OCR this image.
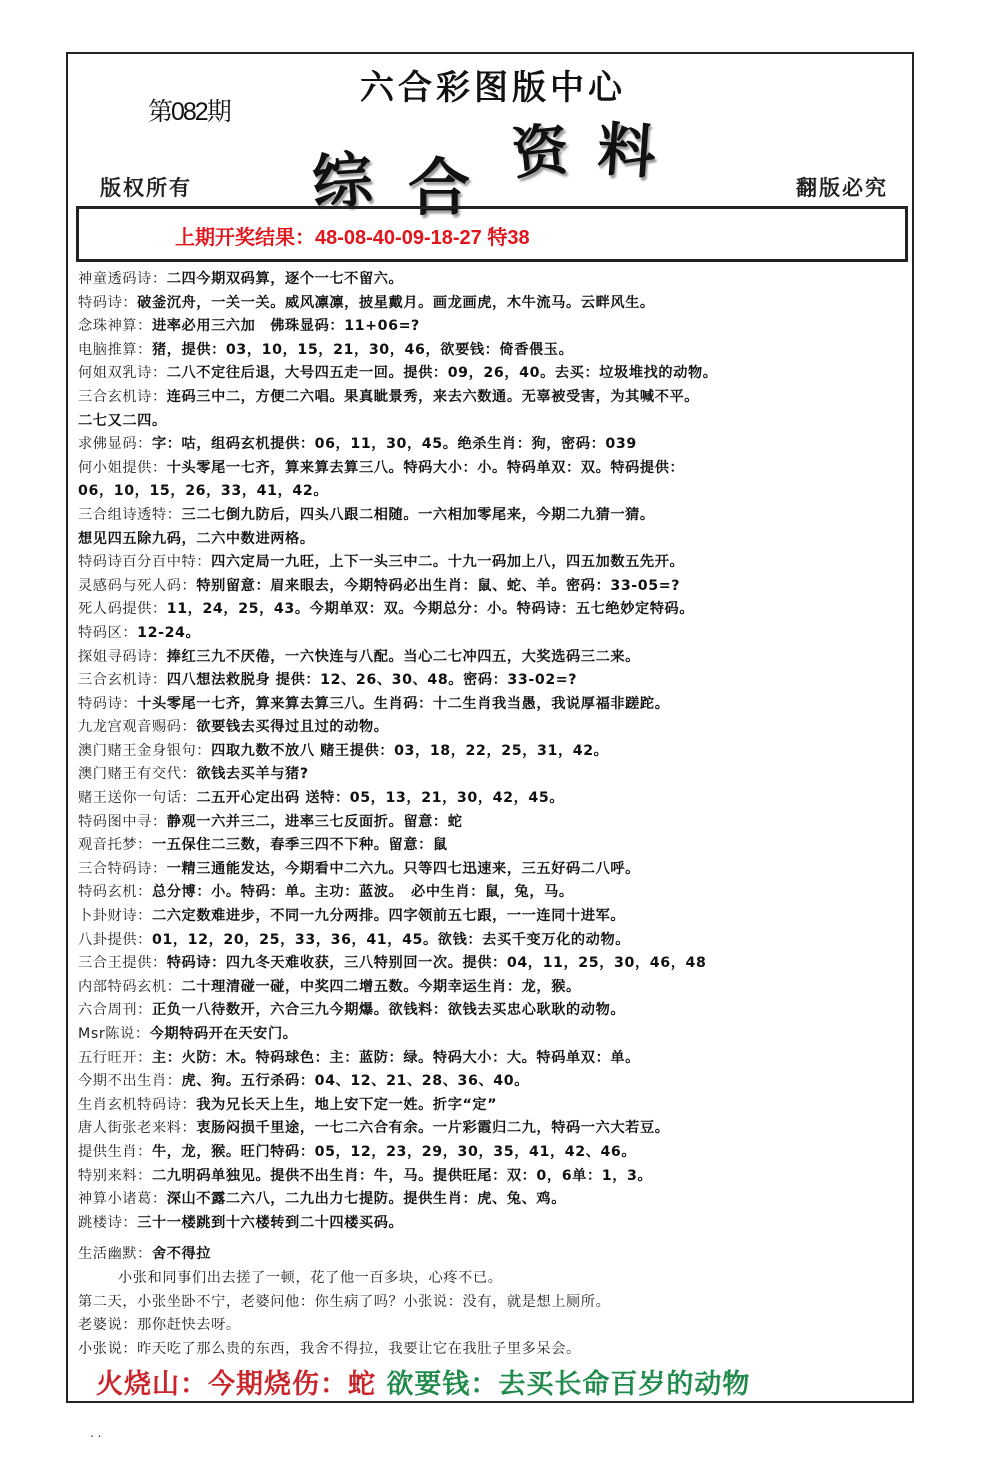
第082期
六合彩图版中心
综 合 资 料
版权所有	翻版必究
上期开奖结果：48-08-40-09-18-27 特38
神童透码诗：二四今期双码算，逐个一七不留六。
特码诗：破釜沉舟，一关一关。威风凛凛，披星戴月。画龙画虎，木牛流马。云畔风生。
念珠神算：进率必用三六加　佛珠显码：11+06=?
电脑推算：猪，提供：03，10，15，21，30，46，欲要钱：倚香偎玉。
何姐双乳诗：二八不定往后退，大号四五走一回。提供：09，26，40。去买：垃圾堆找的动物。
三合玄机诗：连码三中二，方便二六唱。果真眦景秀，来去六数通。无辜被受害，为其喊不平。
二七又二四。
求佛显码：字：咕，组码玄机提供：06，11，30，45。绝杀生肖：狗，密码：039
何小姐提供：十头零尾一七齐，算来算去算三八。特码大小：小。特码单双：双。特码提供：
06，10，15，26，33，41，42。
三合组诗透特：三二七倒九防后，四头八跟二相随。一六相加零尾来，今期二九猜一猜。
想见四五除九码，二六中数进两格。
特码诗百分百中特：四六定局一九旺，上下一头三中二。十九一码加上八，四五加数五先开。
灵感码与死人码：特别留意：眉来眼去，今期特码必出生肖：鼠、蛇、羊。密码：33-05=?
死人码提供：11，24，25，43。今期单双：双。今期总分：小。特码诗：五七绝妙定特码。
特码区：12-24。
探姐寻码诗：捧红三九不厌倦，一六快连与八配。当心二七冲四五，大奖选码三二来。
三合玄机诗：四八想法救脱身 提供：12、26、30、48。密码：33-02=?
特码诗：十头零尾一七齐，算来算去算三八。生肖码：十二生肖我当愚，我说厚福非蹉跎。
九龙宫观音赐码：欲要钱去买得过且过的动物。
澳门赌王金身银句：四取九数不放八 赌王提供：03，18，22，25，31，42。
澳门赌王有交代：欲钱去买羊与猪?
赌王送你一句话：二五开心定出码 送特：05，13，21，30，42，45。
特码图中寻：静观一六并三二，进率三七反面折。留意：蛇
观音托梦：一五保住二三数，春季三四不下种。留意：鼠
三合特码诗：一精三通能发达，今期看中二六九。只等四七迅速来，三五好码二八呼。
特码玄机：总分博：小。特码：单。主功：蓝波。　必中生肖：鼠，兔，马。
卜卦财诗：二六定数难进步，不同一九分两排。四字领前五七跟，一一连同十进军。
八卦提供：01，12，20，25，33，36，41，45。欲钱：去买千变万化的动物。
三合王提供：特码诗：四九冬天难收获，三八特别回一次。提供：04，11，25，30，46，48
内部特码玄机：二十理清碰一碰，中奖四二增五数。今期幸运生肖：龙，猴。
六合周刊：正负一八待数开，六合三九今期爆。欲钱料：欲钱去买忠心耿耿的动物。
Msr陈说：今期特码开在天安门。
五行旺开：主：火防：木。特码球色：主：蓝防：绿。特码大小：大。特码单双：单。
今期不出生肖：虎、狗。五行杀码：04、12、21、28、36、40。
生肖玄机特码诗：我为兄长天上生，地上安下定一姓。折字“定”
唐人街张老来料：衷肠闷损千里途，一七二六合有余。一片彩霞归二九，特码一六大若豆。
提供生肖：牛，龙，猴。旺门特码：05，12，23，29，30，35，41，42、46。
特别来料：二九明码单独见。提供不出生肖：牛，马。提供旺尾：双：0，6单：1，3。
神算小诸葛：深山不露二六八，二九出力七提防。提供生肖：虎、兔、鸡。
跳楼诗：三十一楼跳到十六楼转到二十四楼买码。
生活幽默：舍不得拉
小张和同事们出去搓了一顿，花了他一百多块，心疼不已。
第二天，小张坐卧不宁，老婆问他：你生病了吗？小张说：没有，就是想上厕所。
老婆说：那你赶快去呀。
小张说：昨天吃了那么贵的东西，我舍不得拉，我要让它在我肚子里多呆会。
火烧山：今期烧伤：蛇 欲要钱：去买长命百岁的动物
. .
